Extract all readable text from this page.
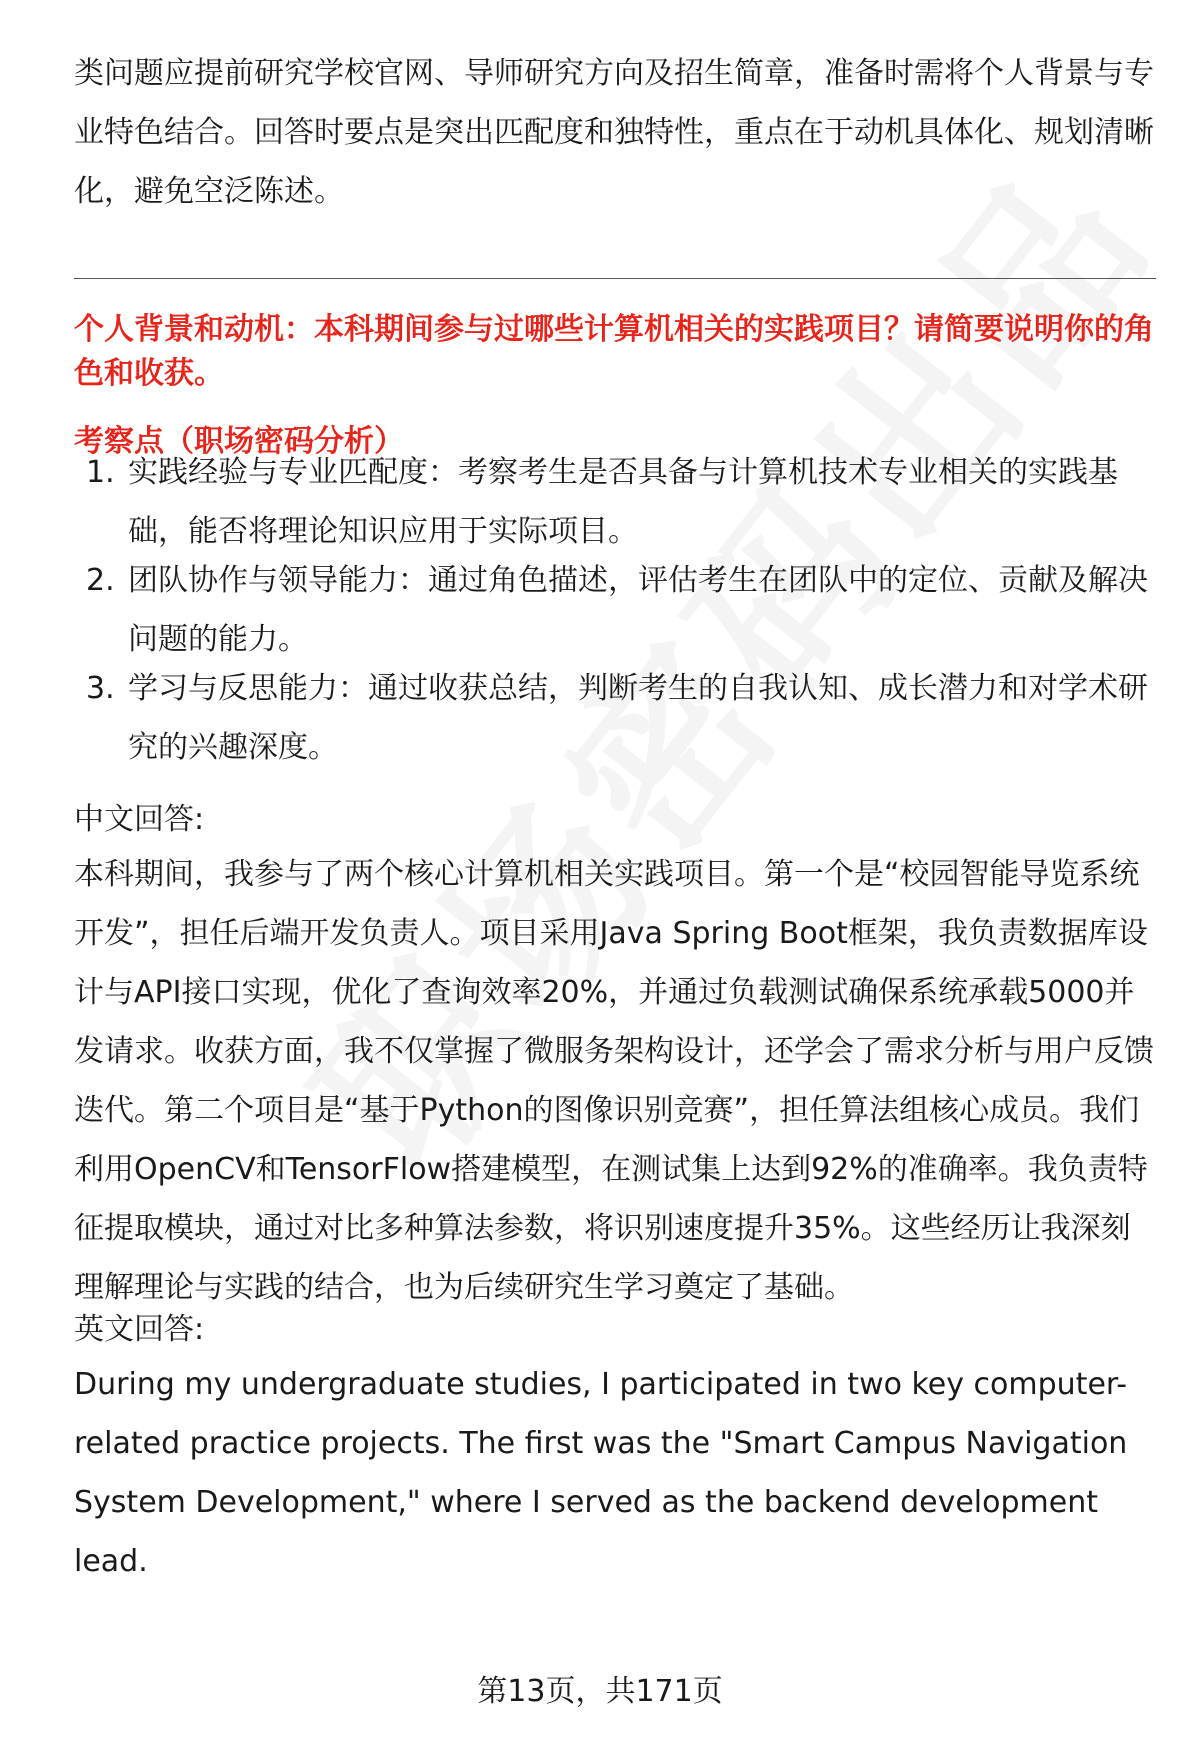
类问题应提前研究学校官网、导师研究方向及招生简章，准备时需将个人背景与专业特色结合。回答时要点是突出匹配度和独特性，重点在于动机具体化、规划清晰化，避免空泛陈述。

个人背景和动机：本科期间参与过哪些计算机相关的实践项目？请简要说明你的角色和收获。

考察点（职场密码分析）

1. 实践经验与专业匹配度：考察考生是否具备与计算机技术专业相关的实践基础，能否将理论知识应用于实际项目。
2. 团队协作与领导能力：通过角色描述，评估考生在团队中的定位、贡献及解决问题的能力。
3. 学习与反思能力：通过收获总结，判断考生的自我认知、成长潜力和对学术研究的兴趣深度。
中文回答:

本科期间，我参与了两个核心计算机相关实践项目。第一个是“校园智能导览系统开发”，担任后端开发负责人。项目采用Java Spring Boot框架，我负责数据库设计与API接口实现，优化了查询效率20%，并通过负载测试确保系统承载5000并发请求。收获方面，我不仅掌握了微服务架构设计，还学会了需求分析与用户反馈迭代。第二个项目是“基于Python的图像识别竞赛”，担任算法组核心成员。我们利用OpenCV和TensorFlow搭建模型，在测试集上达到92%的准确率。我负责特征提取模块，通过对比多种算法参数，将识别速度提升35%。这些经历让我深刻理解理论与实践的结合，也为后续研究生学习奠定了基础。

英文回答:

During my undergraduate studies, I participated in two key computer-related practice projects. The first was the "Smart Campus Navigation System Development," where I served as the backend development lead.

第13页，共171页
